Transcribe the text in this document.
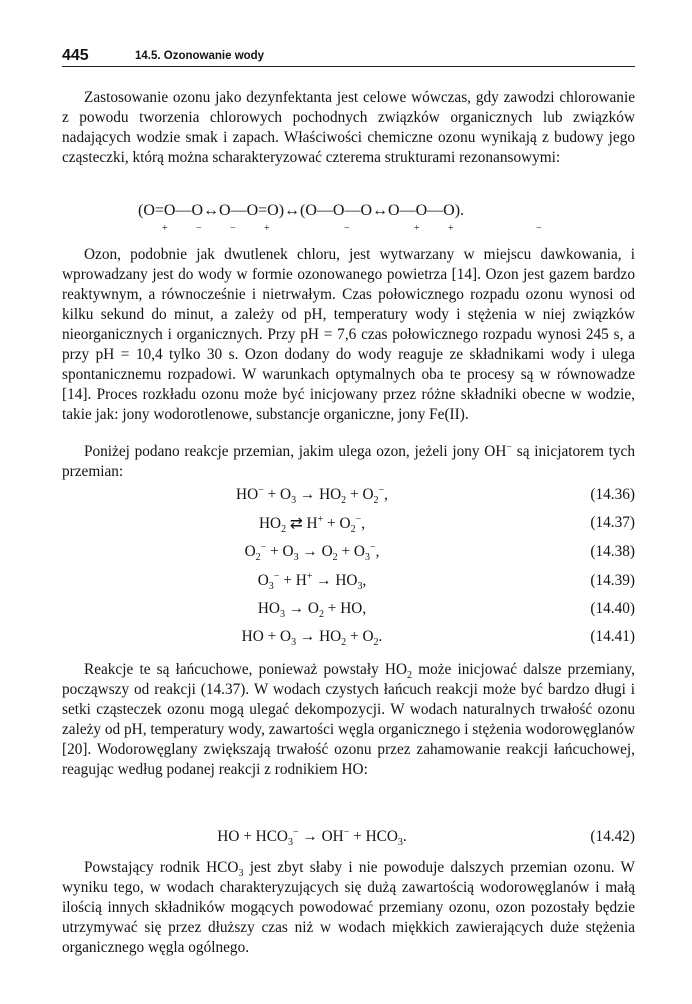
445	14.5. Ozonowanie wody
Zastosowanie ozonu jako dezynfektanta jest celowe wówczas, gdy zawodzi chlorowanie z powodu tworzenia chlorowych pochodnych związków organicznych lub związków nadających wodzie smak i zapach. Właściwości chemiczne ozonu wynikają z budowy jego cząsteczki, którą można scharakteryzować czterema strukturami rezonansowymi:
(O=O—O↔O—O=O)↔(O—O—O↔O—O—O).
+	−	−	+	−	+	+	−
Ozon, podobnie jak dwutlenek chloru, jest wytwarzany w miejscu dawkowania, i wprowadzany jest do wody w formie ozonowanego powietrza [14]. Ozon jest gazem bardzo reaktywnym, a równocześnie i nietrwałym. Czas połowicznego rozpadu ozonu wynosi od kilku sekund do minut, a zależy od pH, temperatury wody i stężenia w niej związków nieorganicznych i organicznych. Przy pH = 7,6 czas połowicznego rozpadu wynosi 245 s, a przy pH = 10,4 tylko 30 s. Ozon dodany do wody reaguje ze składnikami wody i ulega spontanicznemu rozpadowi. W warunkach optymalnych oba te procesy są w równowadze [14]. Proces rozkładu ozonu może być inicjowany przez różne składniki obecne w wodzie, takie jak: jony wodorotlenowe, substancje organiczne, jony Fe(II).
Poniżej podano reakcje przemian, jakim ulega ozon, jeżeli jony OH− są inicjatorem tych przemian:
$HO^- + O_3 \to HO_2 + O_2^-$,	(14.36)
$HO_2$ ⇄ $H^+ + O_2^-$,	(14.37)
$O_2^- + O_3 \to O_2 + O_3^-$,	(14.38)
$O_3^- + H^+ \to HO_3$,	(14.39)
$HO_3 \to O_2$ + HO,	(14.40)
HO + $O_3 \to HO_2 + O_2$.	(14.41)
Reakcje te są łańcuchowe, ponieważ powstały $HO_2$ może inicjować dalsze przemiany, począwszy od reakcji (14.37). W wodach czystych łańcuch reakcji może być bardzo długi i setki cząsteczek ozonu mogą ulegać dekompozycji. W wodach naturalnych trwałość ozonu zależy od pH, temperatury wody, zawartości węgla organicznego i stężenia wodorowęglanów [20]. Wodorowęglany zwiększają trwałość ozonu przez zahamowanie reakcji łańcuchowej, reagując według podanej reakcji z rodnikiem HO:
HO + $HCO_3^- \to OH^- + HCO_3$.	(14.42)
Powstający rodnik $HCO_3$ jest zbyt słaby i nie powoduje dalszych przemian ozonu. W wyniku tego, w wodach charakteryzujących się dużą zawartością wodorowęglanów i małą ilością innych składników mogących powodować przemiany ozonu, ozon pozostały będzie utrzymywać się przez dłuższy czas niż w wodach miękkich zawierających duże stężenia organicznego węgla ogólnego.
